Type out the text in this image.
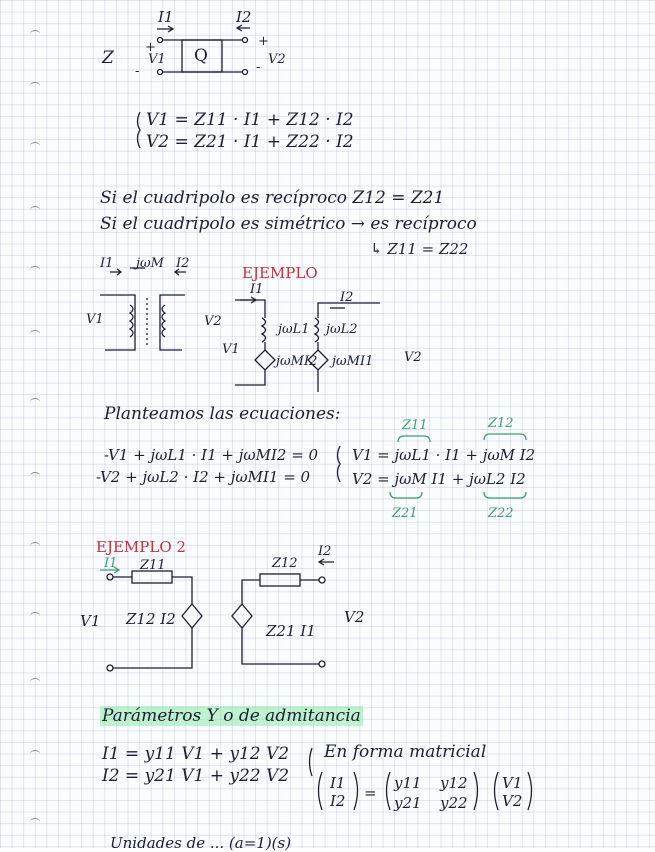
I1	I2
Z	V1 Q	V2
+
-
+
-
V1 = Z11 · I1 + Z12 · I2
V2 = Z21 · I1 + Z22 · I2
Si el cuadripolo es recíproco Z12 = Z21
Si el cuadripolo es simétrico → es recíproco
↳ Z11 = Z22
EJEMPLO
I1 jωM I2
V1	V2
I1
I2
jωL1 jωL2
jωMI2 jωMI1
V1
V2
Planteamos las ecuaciones:
-V1 + jωL1 · I1 + jωMI2 = 0
-V2 + jωL2 · I2 + jωMI1 = 0
V1 = jωL1 · I1 + jωM I2
V2 = jωM I1 + jωL2 I2
Z11	Z12
Z21	Z22
EJEMPLO 2
I1 Z11	Z12
I2
Z12 I2
Z21 I1
V1	V2
Parámetros Y o de admitancia
I1 = y11 V1 + y12 V2
I2 = y21 V1 + y22 V2
En forma matricial
I1
I2 =
y11 y12
y21 y22
V1
V2
Unidades de ... (a=1)(s)
